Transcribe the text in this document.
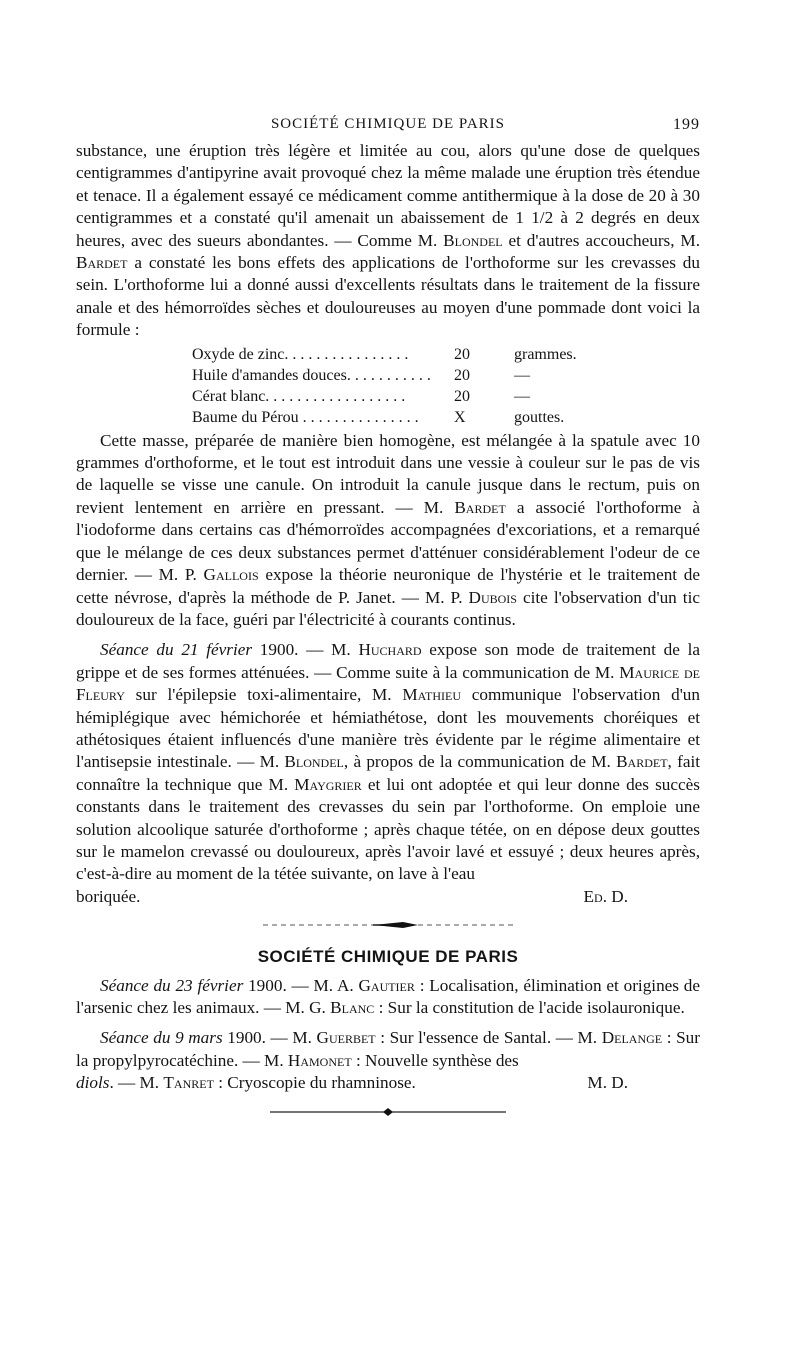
SOCIÉTÉ CHIMIQUE DE PARIS	199

substance, une éruption très légère et limitée au cou, alors qu'une dose de quelques centigrammes d'antipyrine avait provoqué chez la même malade une éruption très étendue et tenace. Il a également essayé ce médicament comme antithermique à la dose de 20 à 30 centigrammes et a constaté qu'il amenait un abaissement de 1 1/2 à 2 degrés en deux heures, avec des sueurs abondantes. — Comme M. Blondel et d'autres accoucheurs, M. Bardet a constaté les bons effets des applications de l'orthoforme sur les crevasses du sein. L'orthoforme lui a donné aussi d'excellents résultats dans le traitement de la fissure anale et des hémorroïdes sèches et douloureuses au moyen d'une pommade dont voici la formule :

Oxyde de zinc. . . . . . . . . . . . . . . .	20	grammes.
Huile d'amandes douces. . . . . . . . . . .	20	—
Cérat blanc. . . . . . . . . . . . . . . . . .	20	—
Baume du Pérou . . . . . . . . . . . . . . .	X	gouttes.

Cette masse, préparée de manière bien homogène, est mélangée à la spatule avec 10 grammes d'orthoforme, et le tout est introduit dans une vessie à couleur sur le pas de vis de laquelle se visse une canule. On introduit la canule jusque dans le rectum, puis on revient lentement en arrière en pressant. — M. Bardet a associé l'orthoforme à l'iodoforme dans certains cas d'hémorroïdes accompagnées d'excoriations, et a remarqué que le mélange de ces deux substances permet d'atténuer considérablement l'odeur de ce dernier. — M. P. Gallois expose la théorie neuronique de l'hystérie et le traitement de cette névrose, d'après la méthode de P. Janet. — M. P. Dubois cite l'observation d'un tic douloureux de la face, guéri par l'électricité à courants continus.

Séance du 21 février 1900. — M. Huchard expose son mode de traitement de la grippe et de ses formes atténuées. — Comme suite à la communication de M. Maurice de Fleury sur l'épilepsie toxi-alimentaire, M. Mathieu communique l'observation d'un hémiplégique avec hémichorée et hémiathétose, dont les mouvements choréiques et athétosiques étaient influencés d'une manière très évidente par le régime alimentaire et l'antisepsie intestinale. — M. Blondel, à propos de la communication de M. Bardet, fait connaître la technique que M. Maygrier et lui ont adoptée et qui leur donne des succès constants dans le traitement des crevasses du sein par l'orthoforme. On emploie une solution alcoolique saturée d'orthoforme ; après chaque tétée, on en dépose deux gouttes sur le mamelon crevassé ou douloureux, après l'avoir lavé et essuyé ; deux heures après, c'est-à-dire au moment de la tétée suivante, on lave à l'eau

boriquée.	Ed. D.
SOCIÉTÉ CHIMIQUE DE PARIS

Séance du 23 février 1900. — M. A. Gautier : Localisation, élimination et origines de l'arsenic chez les animaux. — M. G. Blanc : Sur la constitution de l'acide isolauronique.

Séance du 9 mars 1900. — M. Guerbet : Sur l'essence de Santal. — M. Delange : Sur la propylpyrocatéchine. — M. Hamonet : Nouvelle synthèse des

diols. — M. Tanret : Cryoscopie du rhamninose.	M. D.
